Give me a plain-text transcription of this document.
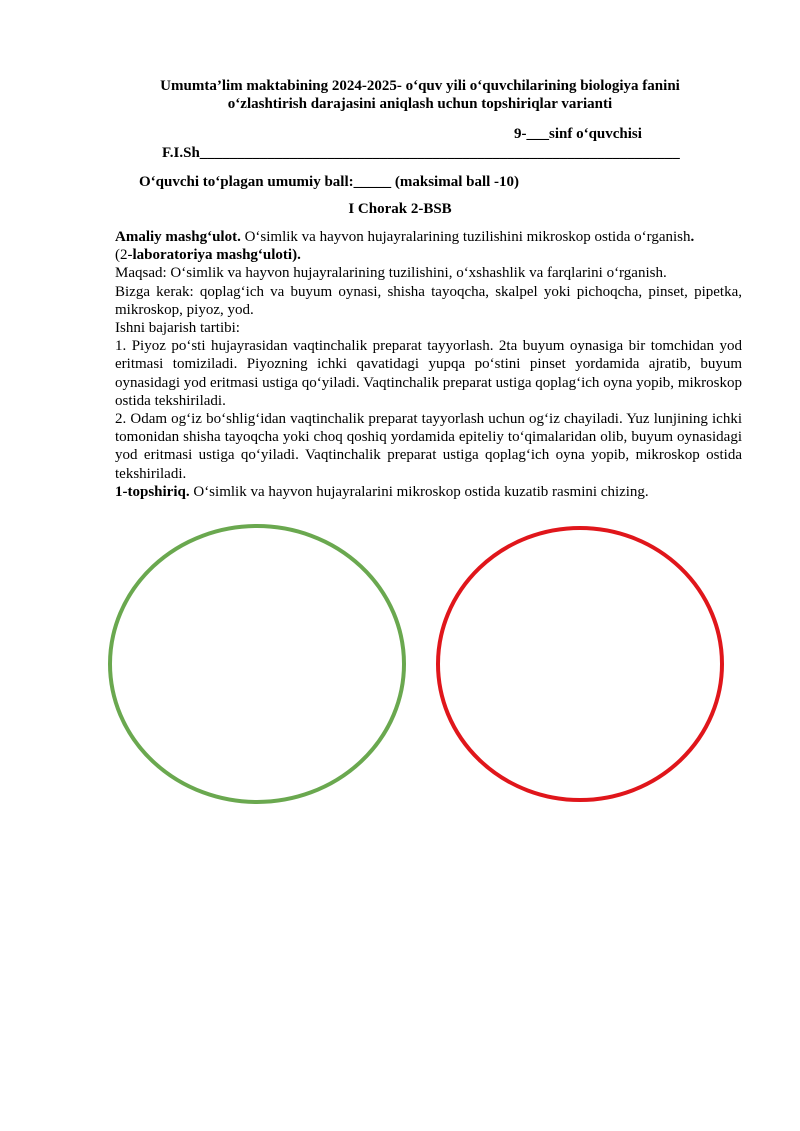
Umumta’lim maktabining 2024-2025- o‘quv yili o‘quvchilarining biologiya fanini
o‘zlashtirish darajasini aniqlash uchun topshiriqlar varianti
9-___sinf o‘quvchisi
F.I.Sh________________________________________________________________
O‘quvchi to‘plagan umumiy ball:_____ (maksimal ball -10)
I Chorak 2-BSB

Amaliy mashg‘ulot. O‘simlik va hayvon hujayralarining tuzilishini mikroskop ostida o‘rganish.

(2-laboratoriya mashg‘uloti).

Maqsad: O‘simlik va hayvon hujayralarining tuzilishini, o‘xshashlik va farqlarini o‘rganish.

Bizga kerak: qoplag‘ich va buyum oynasi, shisha tayoqcha, skalpel yoki pichoqcha, pinset, pipetka, mikroskop, piyoz, yod.

Ishni bajarish tartibi:

1. Piyoz po‘sti hujayrasidan vaqtinchalik preparat tayyorlash. 2ta buyum oynasiga bir tomchidan yod eritmasi tomiziladi. Piyozning ichki qavatidagi yupqa po‘stini pinset yordamida ajratib, buyum oynasidagi yod eritmasi ustiga qo‘yiladi. Vaqtinchalik preparat ustiga qoplag‘ich oyna yopib, mikroskop ostida tekshiriladi.

2. Odam og‘iz bo‘shlig‘idan vaqtinchalik preparat tayyorlash uchun og‘iz chayiladi. Yuz lunjining ichki tomonidan shisha tayoqcha yoki choq qoshiq yordamida epiteliy to‘qimalaridan olib, buyum oynasidagi yod eritmasi ustiga qo‘yiladi. Vaqtinchalik preparat ustiga qoplag‘ich oyna yopib, mikroskop ostida tekshiriladi.

1-topshiriq. O‘simlik va hayvon hujayralarini mikroskop ostida kuzatib rasmini chizing.
